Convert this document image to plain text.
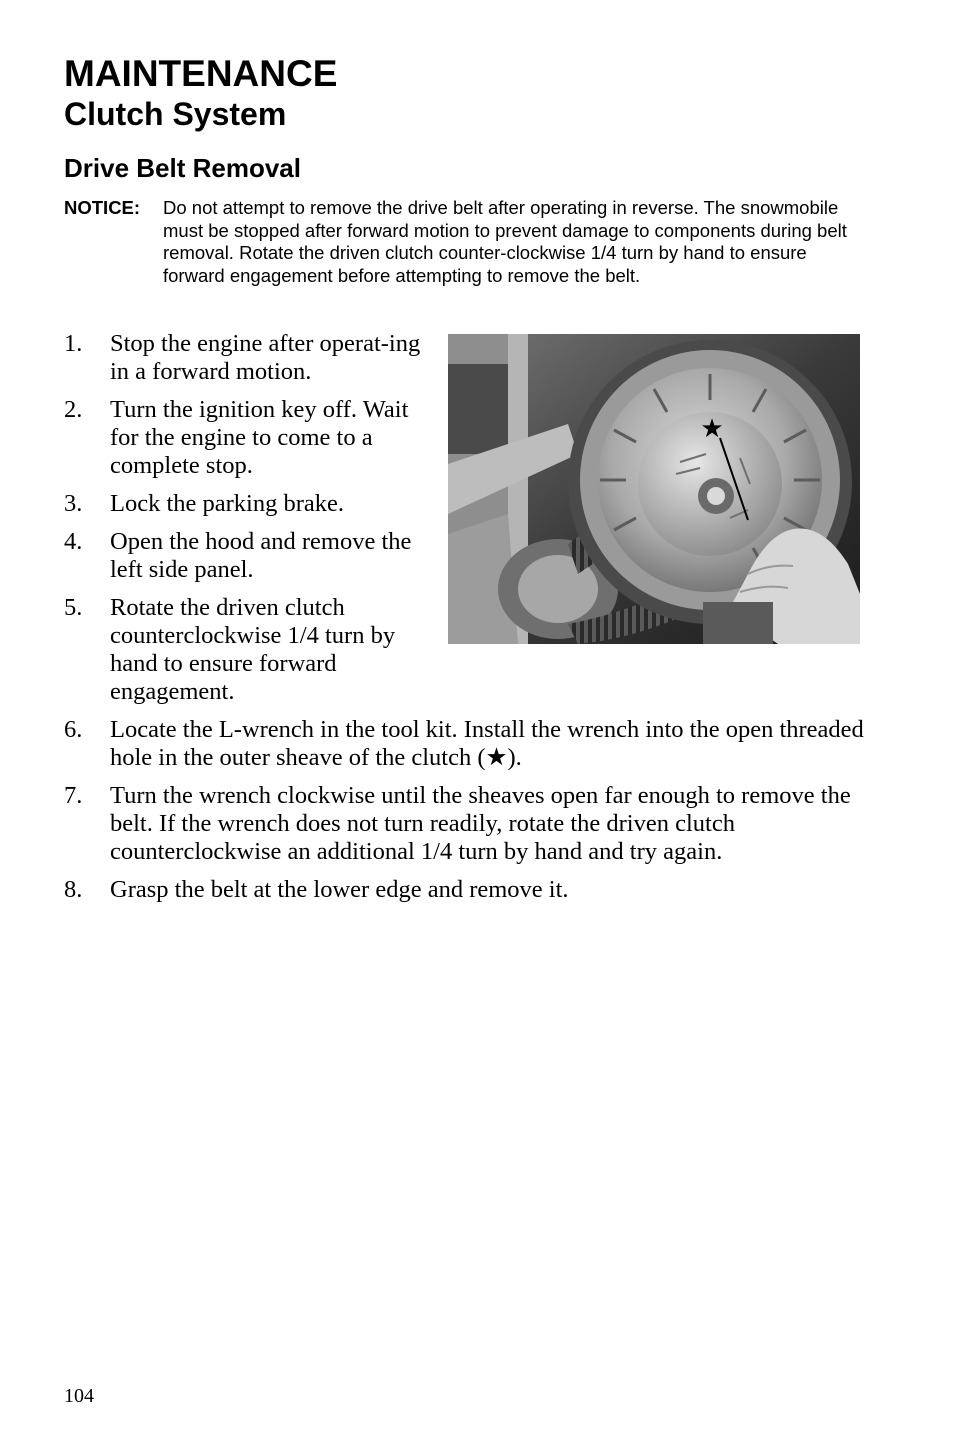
MAINTENANCE
Clutch System
Drive Belt Removal
NOTICE: Do not attempt to remove the drive belt after operating in reverse. The snowmobile must be stopped after forward motion to prevent damage to components during belt removal. Rotate the driven clutch counter-clockwise 1/4 turn by hand to ensure forward engagement before attempting to remove the belt.
1. Stop the engine after operat-ing in a forward motion.
2. Turn the ignition key off. Wait for the engine to come to a complete stop.
3. Lock the parking brake.
4. Open the hood and remove the left side panel.
5. Rotate the driven clutch counterclockwise 1/4 turn by hand to ensure forward engagement.
6. Locate the L-wrench in the tool kit. Install the wrench into the open threaded hole in the outer sheave of the clutch (★).
7. Turn the wrench clockwise until the sheaves open far enough to remove the belt. If the wrench does not turn readily, rotate the driven clutch counterclockwise an additional 1/4 turn by hand and try again.
8. Grasp the belt at the lower edge and remove it.
★
104
